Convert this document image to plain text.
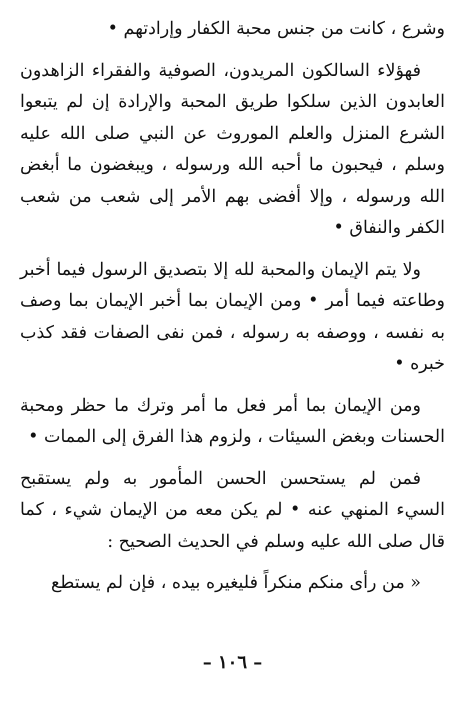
وشرع ، كانت من جنس محبة الكفار وإرادتهم •

فهؤلاء السالكون المريدون، الصوفية والفقراء الزاهدون العابدون الذين سلكوا طريق المحبة والإرادة إن لم يتبعوا الشرع المنزل والعلم الموروث عن النبي صلى الله عليه وسلم ، فيحبون ما أحبه الله ورسوله ، ويبغضون ما أبغض الله ورسوله ، وإلا أفضى بهم الأمر إلى شعب من شعب الكفر والنفاق •

ولا يتم الإيمان والمحبة لله إلا بتصديق الرسول فيما أخبر وطاعته فيما أمر • ومن الإيمان بما أخبر الإيمان بما وصف به نفسه ، ووصفه به رسوله ، فمن نفى الصفات فقد كذب خبره •

ومن الإيمان بما أمر فعل ما أمر وترك ما حظر ومحبة الحسنات وبغض السيئات ، ولزوم هذا الفرق إلى الممات •

فمن لم يستحسن الحسن المأمور به ولم يستقبح السيء المنهي عنه • لم يكن معه من الإيمان شيء ، كما قال صلى الله عليه وسلم في الحديث الصحيح :

« من رأى منكم منكراً فليغيره بيده ، فإن لم يستطع

– ١٠٦ –
